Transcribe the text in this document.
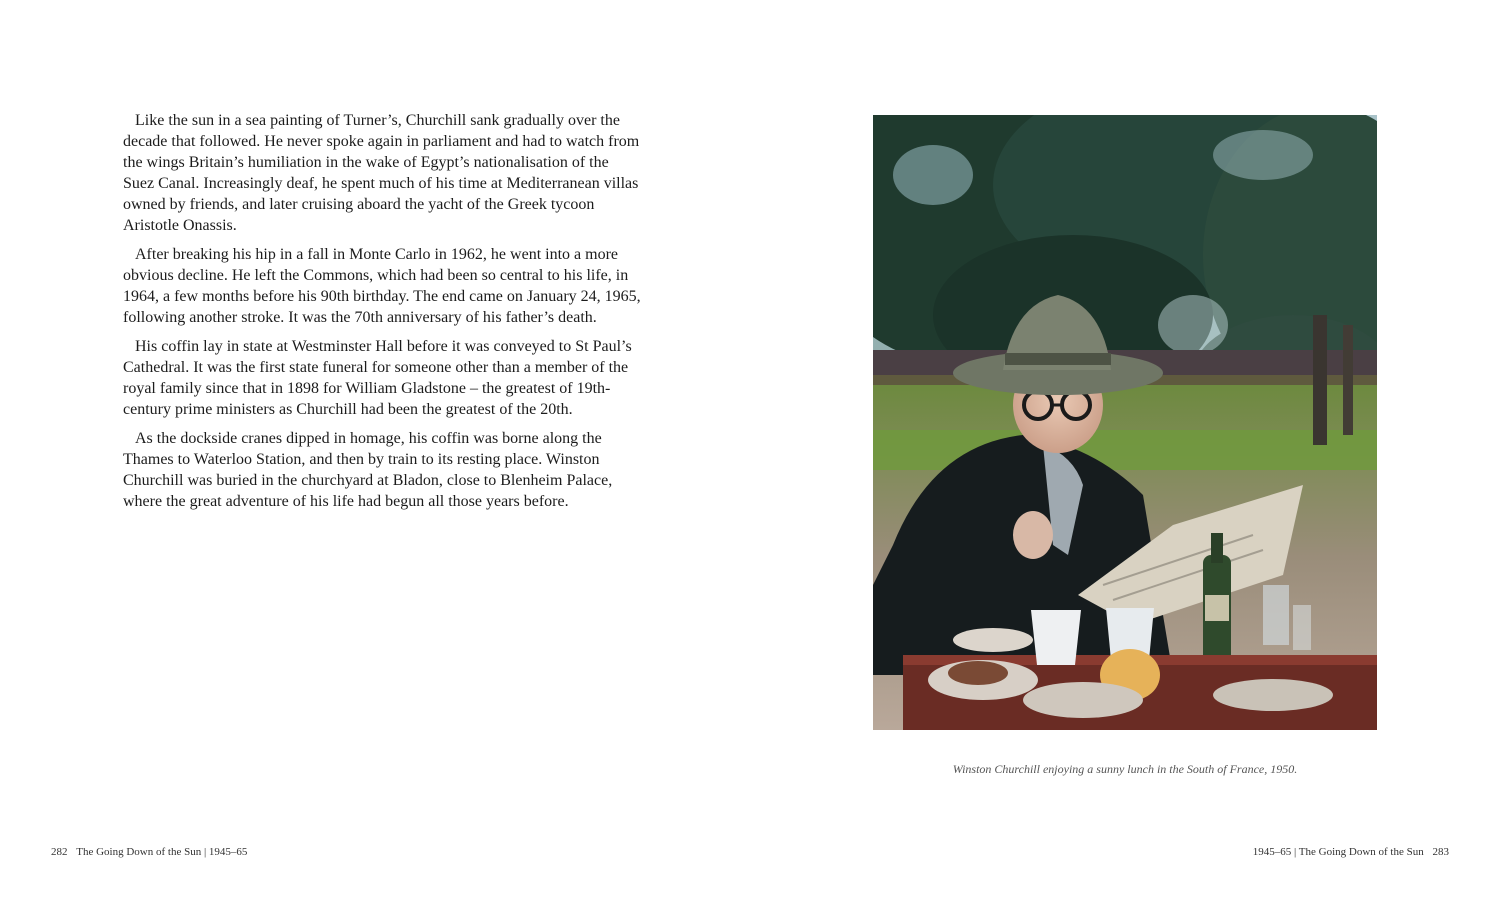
Like the sun in a sea painting of Turner’s, Churchill sank gradually over the decade that followed. He never spoke again in parliament and had to watch from the wings Britain’s humiliation in the wake of Egypt’s nationalisation of the Suez Canal. Increasingly deaf, he spent much of his time at Mediterranean villas owned by friends, and later cruising aboard the yacht of the Greek tycoon Aristotle Onassis.

After breaking his hip in a fall in Monte Carlo in 1962, he went into a more obvious decline. He left the Commons, which had been so central to his life, in 1964, a few months before his 90th birthday. The end came on January 24, 1965, following another stroke. It was the 70th anniversary of his father’s death.

His coffin lay in state at Westminster Hall before it was conveyed to St Paul’s Cathedral. It was the first state funeral for someone other than a member of the royal family since that in 1898 for William Gladstone – the greatest of 19th-century prime ministers as Churchill had been the greatest of the 20th.

As the dockside cranes dipped in homage, his coffin was borne along the Thames to Waterloo Station, and then by train to its resting place. Winston Churchill was buried in the churchyard at Bladon, close to Blenheim Palace, where the great adventure of his life had begun all those years before.

282 The Going Down of the Sun | 1945–65
Winston Churchill enjoying a sunny lunch in the South of France, 1950.
1945–65 | The Going Down of the Sun 283
